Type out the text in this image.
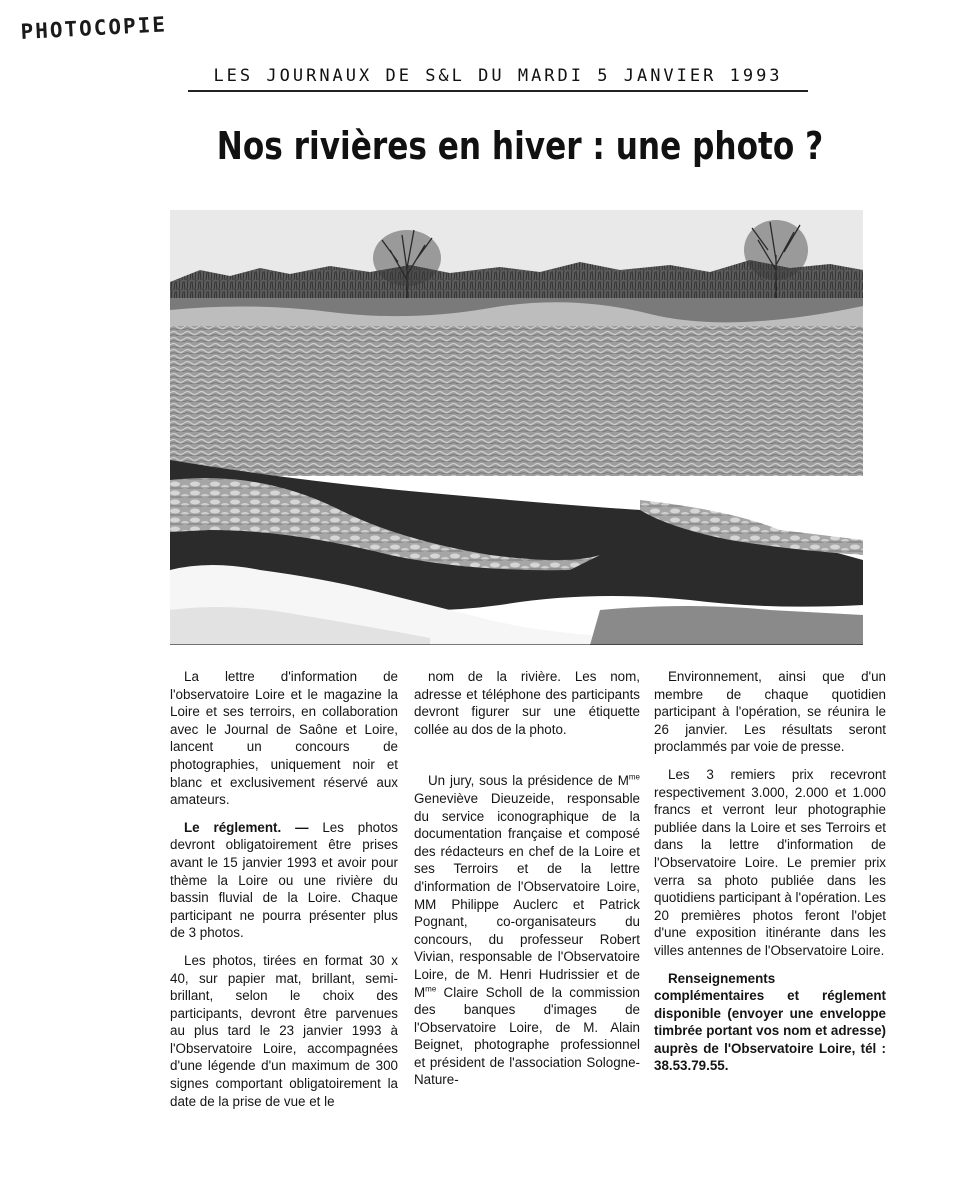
PHOTOCOPIE
LES JOURNAUX DE S&L DU MARDI 5 JANVIER 1993
Nos rivières en hiver : une photo ?

La lettre d'information de l'observatoire Loire et le magazine la Loire et ses terroirs, en collaboration avec le Journal de Saône et Loire, lancent un concours de photographies, uniquement noir et blanc et exclusivement réservé aux amateurs.

Le réglement. — Les photos devront obligatoirement être prises avant le 15 janvier 1993 et avoir pour thème la Loire ou une rivière du bassin fluvial de la Loire. Chaque participant ne pourra présenter plus de 3 photos.

Les photos, tirées en format 30 x 40, sur papier mat, brillant, semi-brillant, selon le choix des participants, devront être parvenues au plus tard le 23 janvier 1993 à l'Observatoire Loire, accompagnées d'une légende d'un maximum de 300 signes comportant obligatoirement la date de la prise de vue et le

nom de la rivière. Les nom, adresse et téléphone des participants devront figurer sur une étiquette collée au dos de la photo.

Un jury, sous la présidence de $M^{me}$ Geneviève Dieuzeide, responsable du service iconographique de la documentation française et composé des rédacteurs en chef de la Loire et ses Terroirs et de la lettre d'information de l'Observatoire Loire, MM Philippe Auclerc et Patrick Pognant, co-organisateurs du concours, du professeur Robert Vivian, responsable de l'Observatoire Loire, de M. Henri Hudrissier et de $M^{me}$ Claire Scholl de la commission des banques d'images de l'Observatoire Loire, de M. Alain Beignet, photographe professionnel et président de l'association Sologne-Nature-

Environnement, ainsi que d'un membre de chaque quotidien participant à l'opération, se réunira le 26 janvier. Les résultats seront proclammés par voie de presse.

Les 3 remiers prix recevront respectivement 3.000, 2.000 et 1.000 francs et verront leur photographie publiée dans la Loire et ses Terroirs et dans la lettre d'information de l'Observatoire Loire. Le premier prix verra sa photo publiée dans les quotidiens participant à l'opération. Les 20 premières photos feront l'objet d'une exposition itinérante dans les villes antennes de l'Observatoire Loire.

Renseignements complémentaires et réglement disponible (envoyer une enveloppe timbrée portant vos nom et adresse) auprès de l'Observatoire Loire, tél : 38.53.79.55.
